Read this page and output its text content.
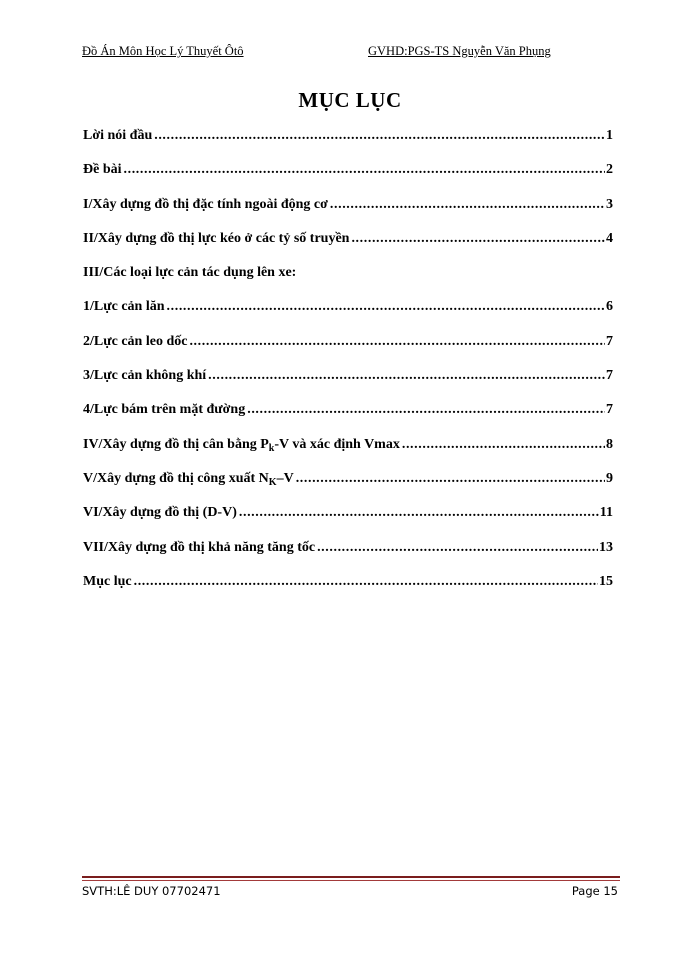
Đồ Án Môn Học Lý Thuyết Ôtô	GVHD:PGS-TS Nguyễn Văn Phụng
MỤC LỤC
Lời nói đầu .....	1
Đề bài .....	2
I/Xây dựng đồ thị đặc tính ngoài động cơ .....	3
II/Xây dựng đồ thị lực kéo ở các tỷ số truyền .....	4
III/Các loại lực cản tác dụng lên xe:
1/Lực cản lăn .....	6
2/Lực cản leo dốc .....	7
3/Lực cản không khí .....	7
4/Lực bám trên mặt đường .....	7
IV/Xây dựng đồ thị cân bằng $P_k-V$ và xác định Vmax .....	8
V/Xây dựng đồ thị công xuất $N_K-V$ .....	9
VI/Xây dựng đồ thị (D-V) .....	11
VII/Xây dựng đồ thị khả năng tăng tốc .....	13
Mục lục .....	15
SVTH:LÊ DUY 07702471	Page 15
